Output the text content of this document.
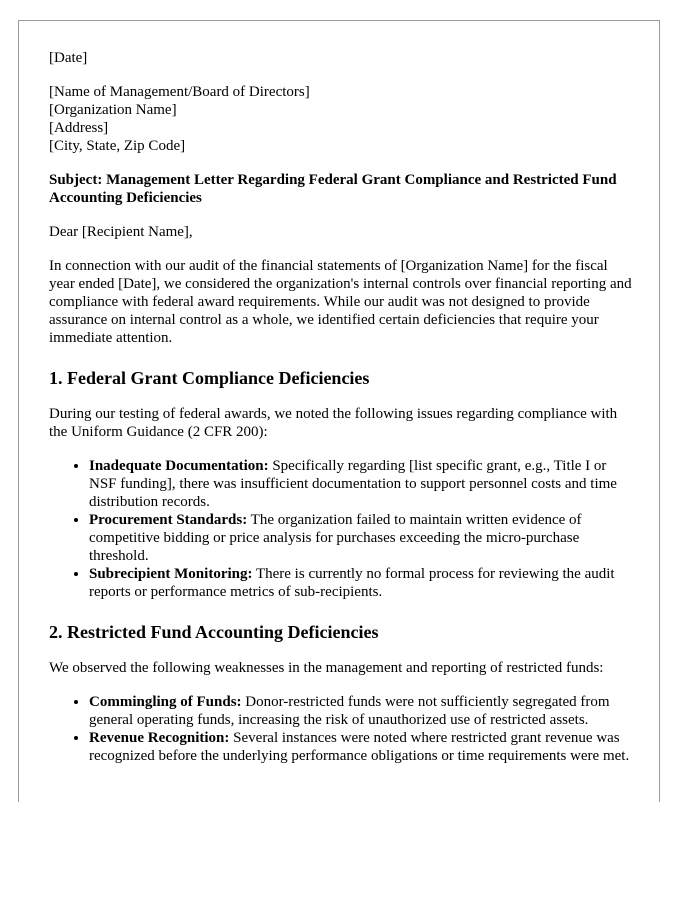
[Date]

[Name of Management/Board of Directors]
[Organization Name]
[Address]
[City, State, Zip Code]

Subject: Management Letter Regarding Federal Grant Compliance and Restricted Fund Accounting Deficiencies

Dear [Recipient Name],

In connection with our audit of the financial statements of [Organization Name] for the fiscal year ended [Date], we considered the organization's internal controls over financial reporting and compliance with federal award requirements. While our audit was not designed to provide assurance on internal control as a whole, we identified certain deficiencies that require your immediate attention.

1. Federal Grant Compliance Deficiencies

During our testing of federal awards, we noted the following issues regarding compliance with the Uniform Guidance (2 CFR 200):

• Inadequate Documentation: Specifically regarding [list specific grant, e.g., Title I or NSF funding], there was insufficient documentation to support personnel costs and time distribution records.
• Procurement Standards: The organization failed to maintain written evidence of competitive bidding or price analysis for purchases exceeding the micro-purchase threshold.
• Subrecipient Monitoring: There is currently no formal process for reviewing the audit reports or performance metrics of sub-recipients.
2. Restricted Fund Accounting Deficiencies

We observed the following weaknesses in the management and reporting of restricted funds:

• Commingling of Funds: Donor-restricted funds were not sufficiently segregated from general operating funds, increasing the risk of unauthorized use of restricted assets.
• Revenue Recognition: Several instances were noted where restricted grant revenue was recognized before the underlying performance obligations or time requirements were met.
